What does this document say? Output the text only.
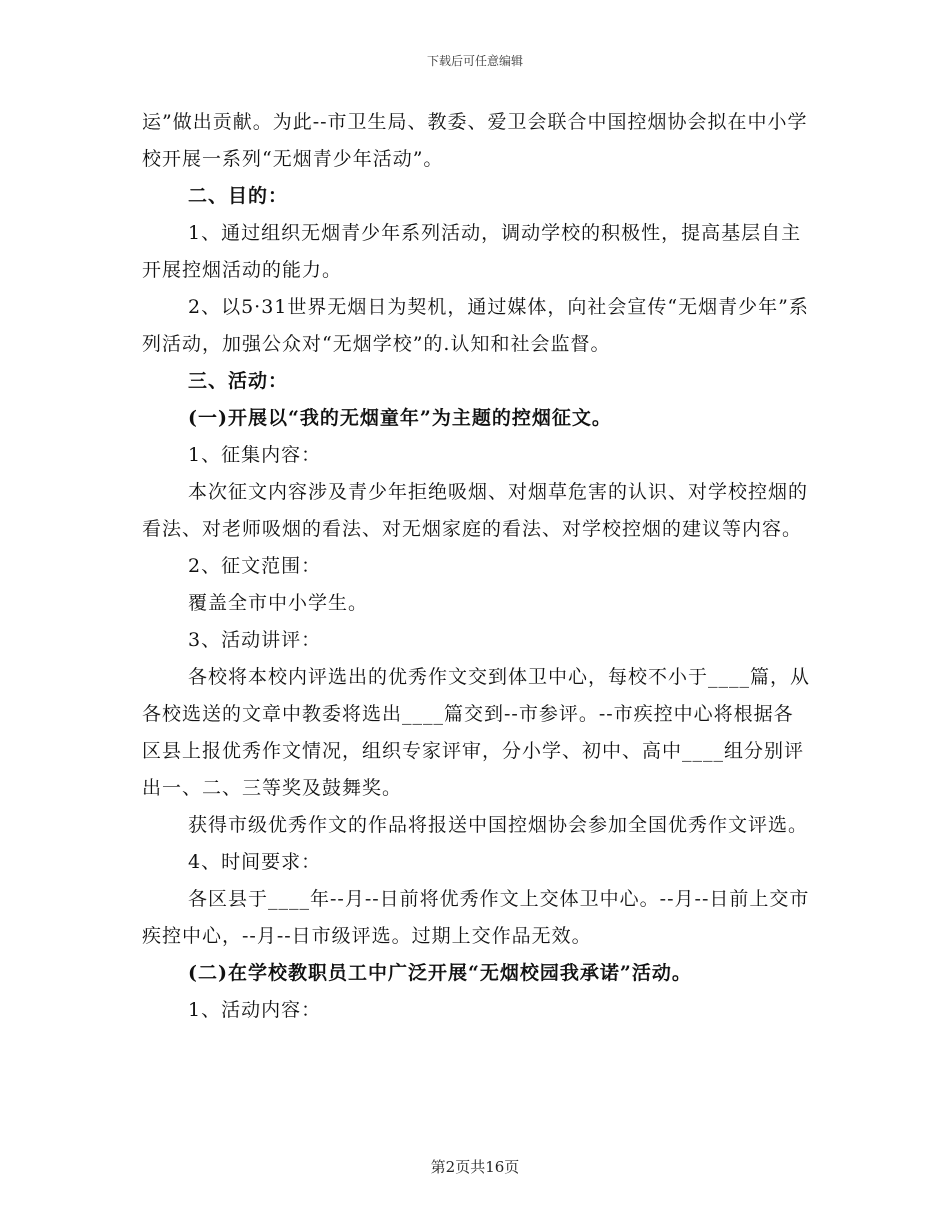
下载后可任意编辑

运”做出贡献。为此--市卫生局、教委、爱卫会联合中国控烟协会拟在中小学校开展一系列“无烟青少年活动”。

二、目的：

1、通过组织无烟青少年系列活动，调动学校的积极性，提高基层自主开展控烟活动的能力。

2、以5·31世界无烟日为契机，通过媒体，向社会宣传“无烟青少年”系列活动，加强公众对“无烟学校”的.认知和社会监督。

三、活动：

(一)开展以“我的无烟童年”为主题的控烟征文。

1、征集内容：

本次征文内容涉及青少年拒绝吸烟、对烟草危害的认识、对学校控烟的看法、对老师吸烟的看法、对无烟家庭的看法、对学校控烟的建议等内容。

2、征文范围：

覆盖全市中小学生。

3、活动讲评：

各校将本校内评选出的优秀作文交到体卫中心，每校不小于____篇，从各校选送的文章中教委将选出____篇交到--市参评。--市疾控中心将根据各区县上报优秀作文情况，组织专家评审，分小学、初中、高中____组分别评出一、二、三等奖及鼓舞奖。

获得市级优秀作文的作品将报送中国控烟协会参加全国优秀作文评选。

4、时间要求：

各区县于____年--月--日前将优秀作文上交体卫中心。--月--日前上交市疾控中心，--月--日市级评选。过期上交作品无效。

(二)在学校教职员工中广泛开展“无烟校园我承诺”活动。

1、活动内容：

第2页共16页
